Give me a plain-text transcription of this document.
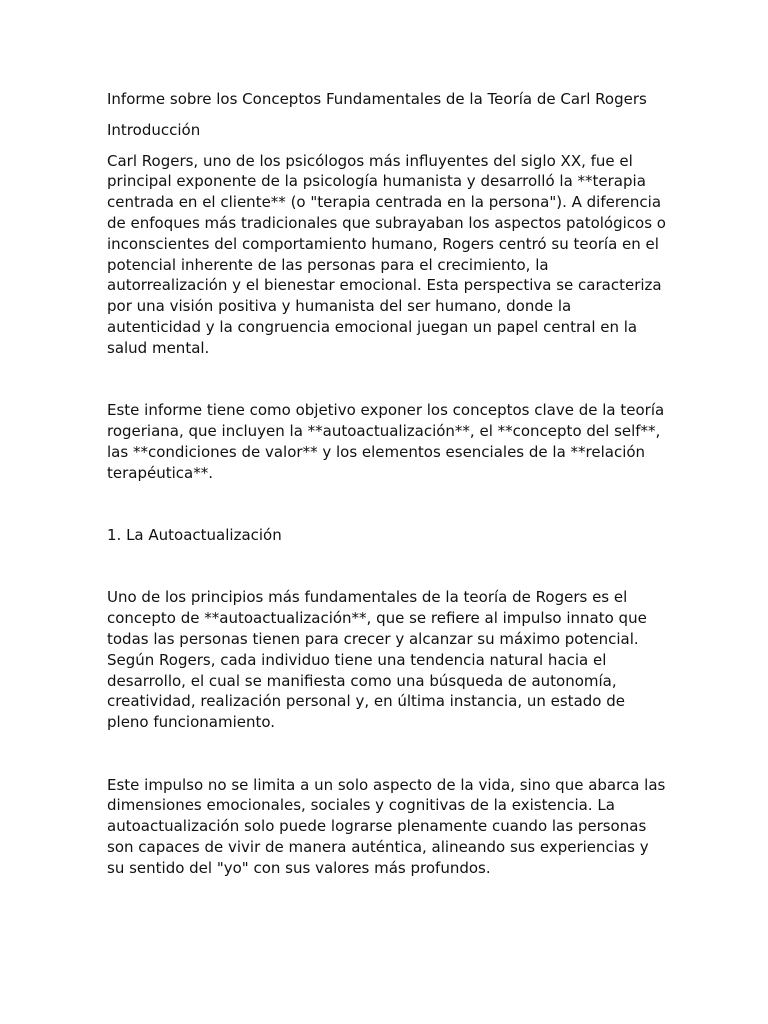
Informe sobre los Conceptos Fundamentales de la Teoría de Carl Rogers

Introducción

Carl Rogers, uno de los psicólogos más influyentes del siglo XX, fue el principal exponente de la psicología humanista y desarrolló la **terapia centrada en el cliente** (o "terapia centrada en la persona"). A diferencia de enfoques más tradicionales que subrayaban los aspectos patológicos o inconscientes del comportamiento humano, Rogers centró su teoría en el potencial inherente de las personas para el crecimiento, la autorrealización y el bienestar emocional. Esta perspectiva se caracteriza por una visión positiva y humanista del ser humano, donde la autenticidad y la congruencia emocional juegan un papel central en la salud mental.

Este informe tiene como objetivo exponer los conceptos clave de la teoría rogeriana, que incluyen la **autoactualización**, el **concepto del self**, las **condiciones de valor** y los elementos esenciales de la **relación terapéutica**.

1. La Autoactualización

Uno de los principios más fundamentales de la teoría de Rogers es el concepto de **autoactualización**, que se refiere al impulso innato que todas las personas tienen para crecer y alcanzar su máximo potencial. Según Rogers, cada individuo tiene una tendencia natural hacia el desarrollo, el cual se manifiesta como una búsqueda de autonomía, creatividad, realización personal y, en última instancia, un estado de pleno funcionamiento.

Este impulso no se limita a un solo aspecto de la vida, sino que abarca las dimensiones emocionales, sociales y cognitivas de la existencia. La autoactualización solo puede lograrse plenamente cuando las personas son capaces de vivir de manera auténtica, alineando sus experiencias y su sentido del "yo" con sus valores más profundos.
